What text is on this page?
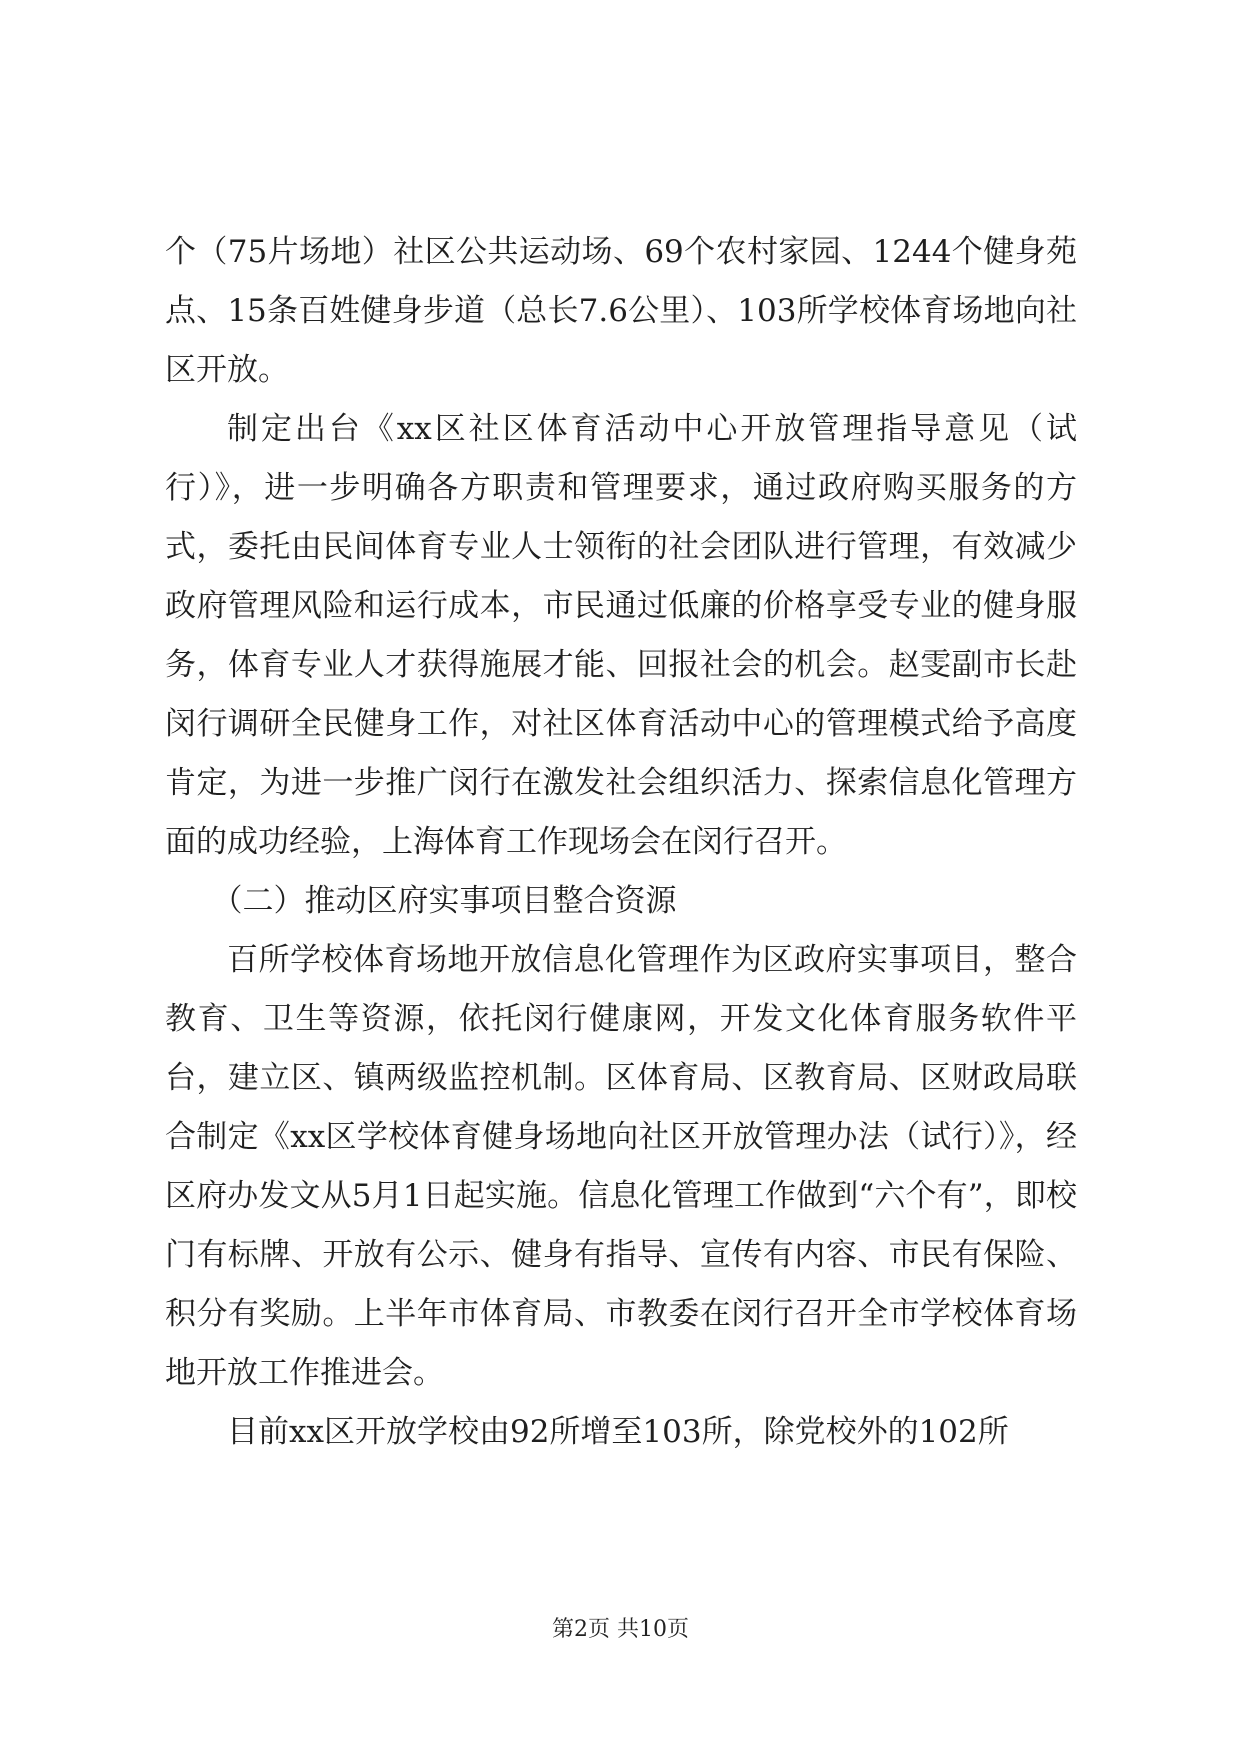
个（75片场地）社区公共运动场、69个农村家园、1244个健身苑点、15条百姓健身步道（总长7.6公里）、103所学校体育场地向社区开放。

制定出台《xx区社区体育活动中心开放管理指导意见（试行）》，进一步明确各方职责和管理要求，通过政府购买服务的方式，委托由民间体育专业人士领衔的社会团队进行管理，有效减少政府管理风险和运行成本，市民通过低廉的价格享受专业的健身服务，体育专业人才获得施展才能、回报社会的机会。赵雯副市长赴闵行调研全民健身工作，对社区体育活动中心的管理模式给予高度肯定，为进一步推广闵行在激发社会组织活力、探索信息化管理方面的成功经验，上海体育工作现场会在闵行召开。

（二）推动区府实事项目整合资源

百所学校体育场地开放信息化管理作为区政府实事项目，整合教育、卫生等资源，依托闵行健康网，开发文化体育服务软件平台，建立区、镇两级监控机制。区体育局、区教育局、区财政局联合制定《xx区学校体育健身场地向社区开放管理办法（试行）》，经区府办发文从5月1日起实施。信息化管理工作做到“六个有”，即校门有标牌、开放有公示、健身有指导、宣传有内容、市民有保险、积分有奖励。上半年市体育局、市教委在闵行召开全市学校体育场地开放工作推进会。

目前xx区开放学校由92所增至103所，除党校外的102所

第2页 共10页
